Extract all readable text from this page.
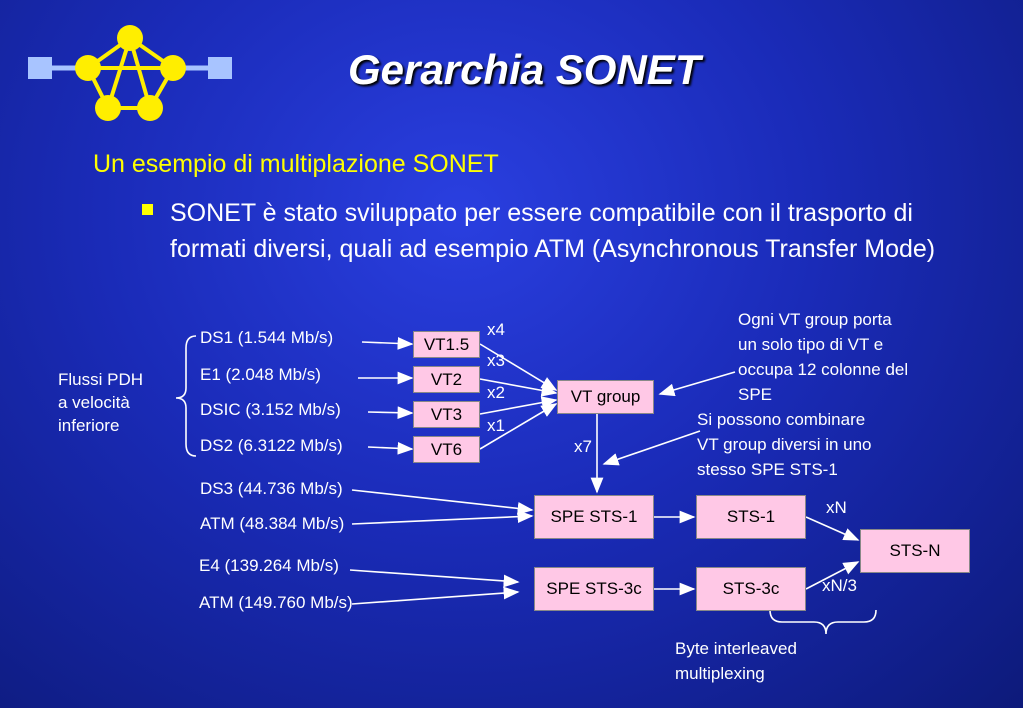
Gerarchia SONET
Un esempio di multiplazione SONET
SONET è stato sviluppato per essere compatibile con il trasporto di formati diversi, quali ad esempio ATM (Asynchronous Transfer Mode)
Flussi PDH
a velocità
inferiore
DS1 (1.544 Mb/s)
E1 (2.048 Mb/s)
DSIC (3.152 Mb/s)
DS2 (6.3122 Mb/s)
DS3 (44.736 Mb/s)
ATM (48.384 Mb/s)
E4 (139.264 Mb/s)
ATM (149.760 Mb/s)
VT1.5
VT2
VT3
VT6
x4
x3
x2
x1
x7
xN
xN/3
VT group
SPE STS-1
SPE STS-3c
STS-1
STS-3c
STS-N
Ogni VT group porta
un solo tipo di VT e
occupa 12 colonne del
SPE
Si possono combinare
VT group diversi in uno
stesso SPE STS-1
Byte interleaved
multiplexing
